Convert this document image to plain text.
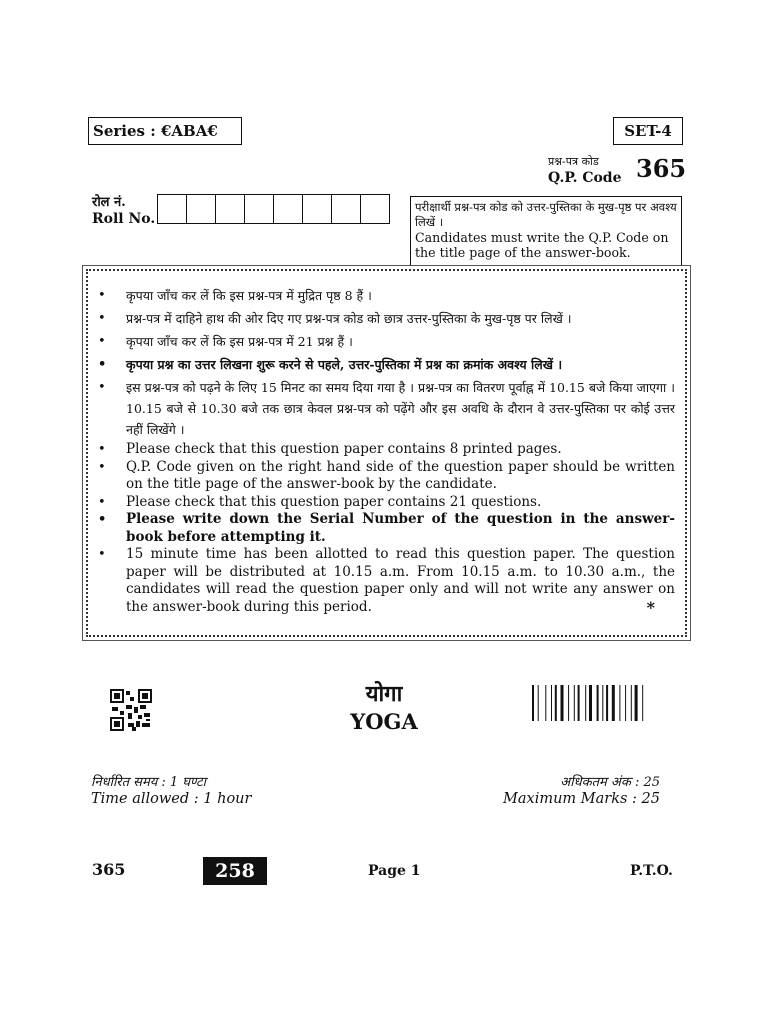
Series : €ABA€	SET-4
प्रश्न-पत्र कोड
Q.P. Code 365
रोल नं.
Roll No.
परीक्षार्थी प्रश्न-पत्र कोड को उत्तर-पुस्तिका के मुख-पृष्ठ पर अवश्य लिखें ।
Candidates must write the Q.P. Code on the title page of the answer-book.
• कृपया जाँच कर लें कि इस प्रश्न-पत्र में मुद्रित पृष्ठ 8 हैं ।
• प्रश्न-पत्र में दाहिने हाथ की ओर दिए गए प्रश्न-पत्र कोड को छात्र उत्तर-पुस्तिका के मुख-पृष्ठ पर लिखें ।
• कृपया जाँच कर लें कि इस प्रश्न-पत्र में 21 प्रश्न हैं ।
• कृपया प्रश्न का उत्तर लिखना शुरू करने से पहले, उत्तर-पुस्तिका में प्रश्न का क्रमांक अवश्य लिखें ।
• इस प्रश्न-पत्र को पढ़ने के लिए 15 मिनट का समय दिया गया है । प्रश्न-पत्र का वितरण पूर्वाह्न में 10.15 बजे किया जाएगा । 10.15 बजे से 10.30 बजे तक छात्र केवल प्रश्न-पत्र को पढ़ेंगे और इस अवधि के दौरान वे उत्तर-पुस्तिका पर कोई उत्तर नहीं लिखेंगे ।
• Please check that this question paper contains 8 printed pages.
• Q.P. Code given on the right hand side of the question paper should be written on the title page of the answer-book by the candidate.
• Please check that this question paper contains 21 questions.
• Please write down the Serial Number of the question in the answer-book before attempting it.
• 15 minute time has been allotted to read this question paper. The question paper will be distributed at 10.15 a.m. From 10.15 a.m. to 10.30 a.m., the candidates will read the question paper only and will not write any answer on the answer-book during this period.	*
योगा
YOGA
निर्धारित समय : 1 घण्टा
Time allowed : 1 hour
अधिकतम अंक : 25
Maximum Marks : 25
365	258	Page 1	P.T.O.
